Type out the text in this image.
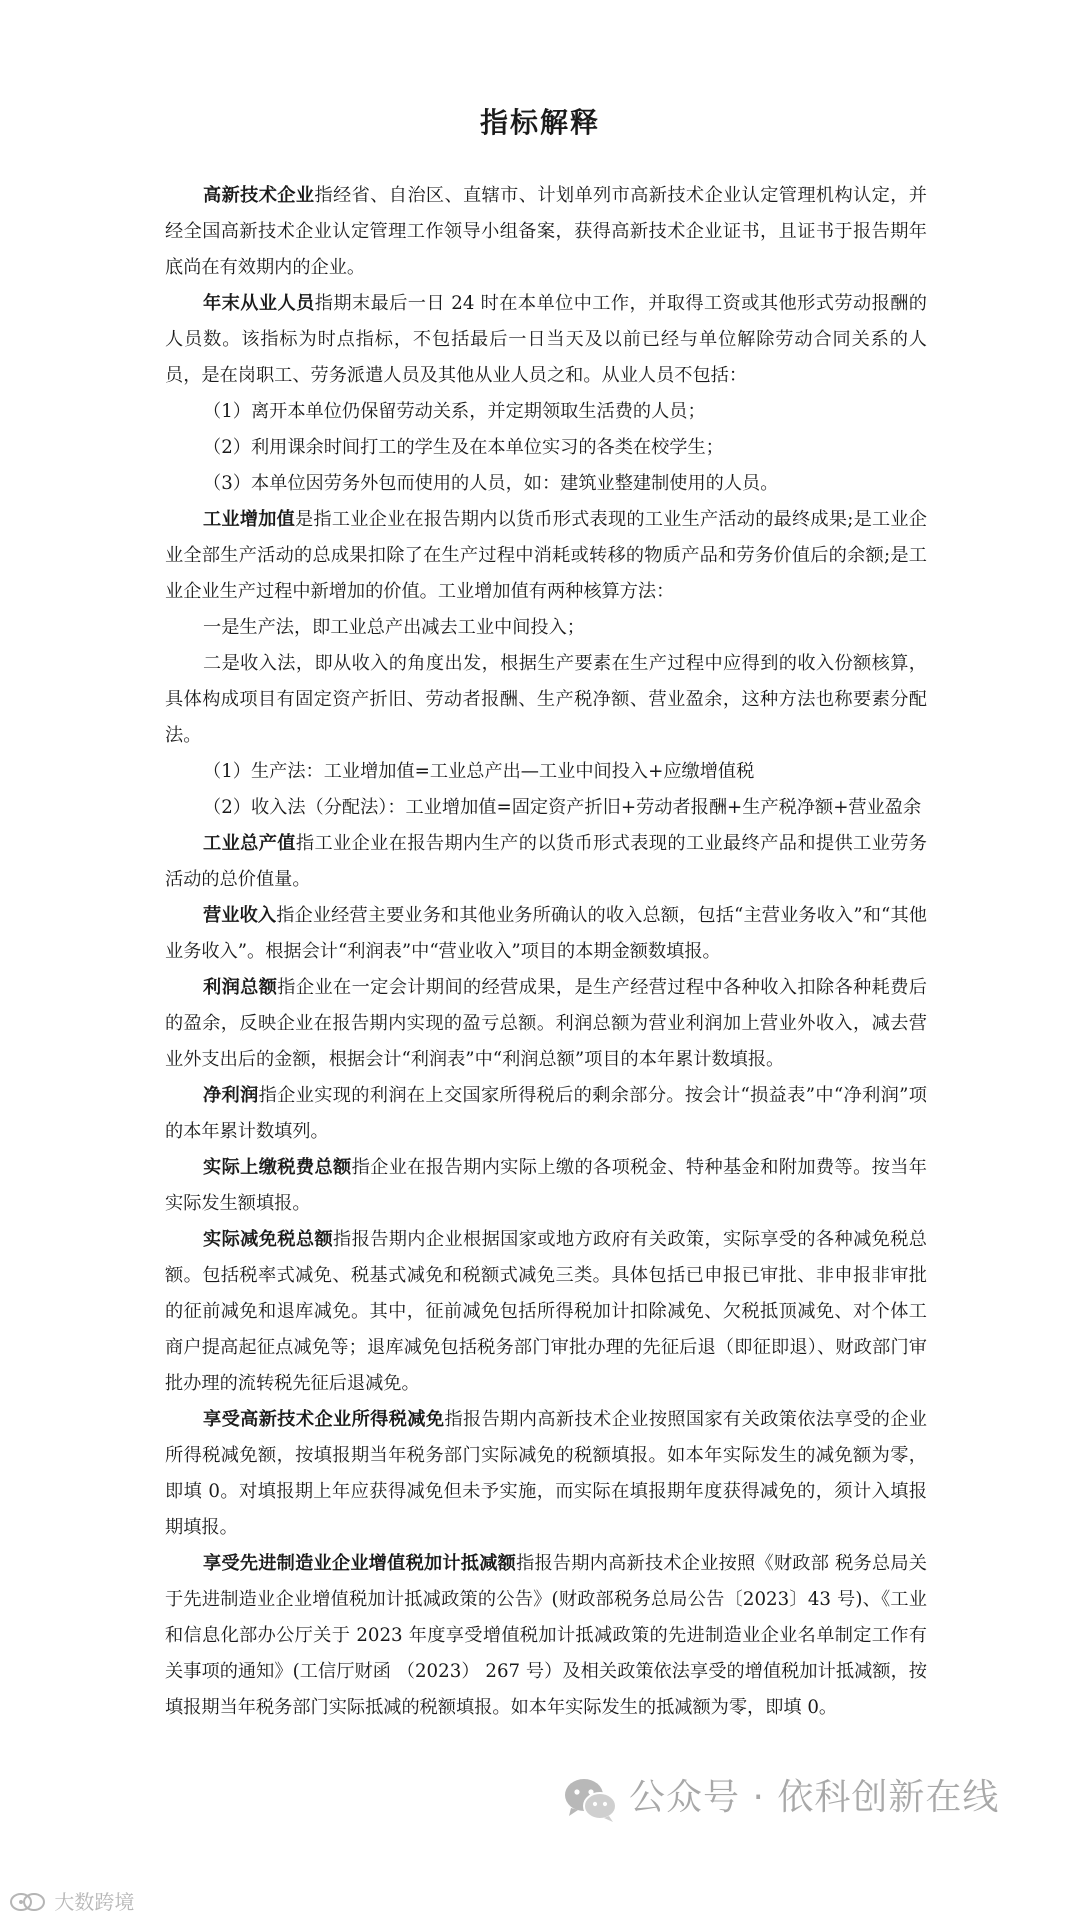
指标解释

高新技术企业指经省、自治区、直辖市、计划单列市高新技术企业认定管理机构认定，并经全国高新技术企业认定管理工作领导小组备案，获得高新技术企业证书，且证书于报告期年底尚在有效期内的企业。

年末从业人员指期末最后一日 24 时在本单位中工作，并取得工资或其他形式劳动报酬的人员数。该指标为时点指标，不包括最后一日当天及以前已经与单位解除劳动合同关系的人员，是在岗职工、劳务派遣人员及其他从业人员之和。从业人员不包括：

（1）离开本单位仍保留劳动关系，并定期领取生活费的人员；

（2）利用课余时间打工的学生及在本单位实习的各类在校学生；

（3）本单位因劳务外包而使用的人员，如：建筑业整建制使用的人员。

工业增加值是指工业企业在报告期内以货币形式表现的工业生产活动的最终成果;是工业企业全部生产活动的总成果扣除了在生产过程中消耗或转移的物质产品和劳务价值后的余额;是工业企业生产过程中新增加的价值。工业增加值有两种核算方法：

一是生产法，即工业总产出减去工业中间投入；

二是收入法，即从收入的角度出发，根据生产要素在生产过程中应得到的收入份额核算，具体构成项目有固定资产折旧、劳动者报酬、生产税净额、营业盈余，这种方法也称要素分配法。

（1）生产法：工业增加值=工业总产出—工业中间投入+应缴增值税

（2）收入法（分配法）：工业增加值=固定资产折旧+劳动者报酬+生产税净额+营业盈余

工业总产值指工业企业在报告期内生产的以货币形式表现的工业最终产品和提供工业劳务活动的总价值量。

营业收入指企业经营主要业务和其他业务所确认的收入总额，包括“主营业务收入”和“其他业务收入”。根据会计“利润表”中“营业收入”项目的本期金额数填报。

利润总额指企业在一定会计期间的经营成果，是生产经营过程中各种收入扣除各种耗费后的盈余，反映企业在报告期内实现的盈亏总额。利润总额为营业利润加上营业外收入，减去营业外支出后的金额，根据会计“利润表”中“利润总额”项目的本年累计数填报。

净利润指企业实现的利润在上交国家所得税后的剩余部分。按会计“损益表”中“净利润”项的本年累计数填列。

实际上缴税费总额指企业在报告期内实际上缴的各项税金、特种基金和附加费等。按当年实际发生额填报。

实际减免税总额指报告期内企业根据国家或地方政府有关政策，实际享受的各种减免税总额。包括税率式减免、税基式减免和税额式减免三类。具体包括已申报已审批、非申报非审批的征前减免和退库减免。其中，征前减免包括所得税加计扣除减免、欠税抵顶减免、对个体工商户提高起征点减免等；退库减免包括税务部门审批办理的先征后退（即征即退）、财政部门审批办理的流转税先征后退减免。

享受高新技术企业所得税减免指报告期内高新技术企业按照国家有关政策依法享受的企业所得税减免额，按填报期当年税务部门实际减免的税额填报。如本年实际发生的减免额为零，即填 0。对填报期上年应获得减免但未予实施，而实际在填报期年度获得减免的，须计入填报期填报。

享受先进制造业企业增值税加计抵减额指报告期内高新技术企业按照《财政部 税务总局关于先进制造业企业增值税加计抵减政策的公告》(财政部税务总局公告〔2023〕43 号)、《工业和信息化部办公厅关于 2023 年度享受增值税加计抵减政策的先进制造业企业名单制定工作有关事项的通知》(工信厅财函 （2023） 267 号）及相关政策依法享受的增值税加计抵减额，按填报期当年税务部门实际抵减的税额填报。如本年实际发生的抵减额为零，即填 0。

公众号 · 依科创新在线
大数跨境
